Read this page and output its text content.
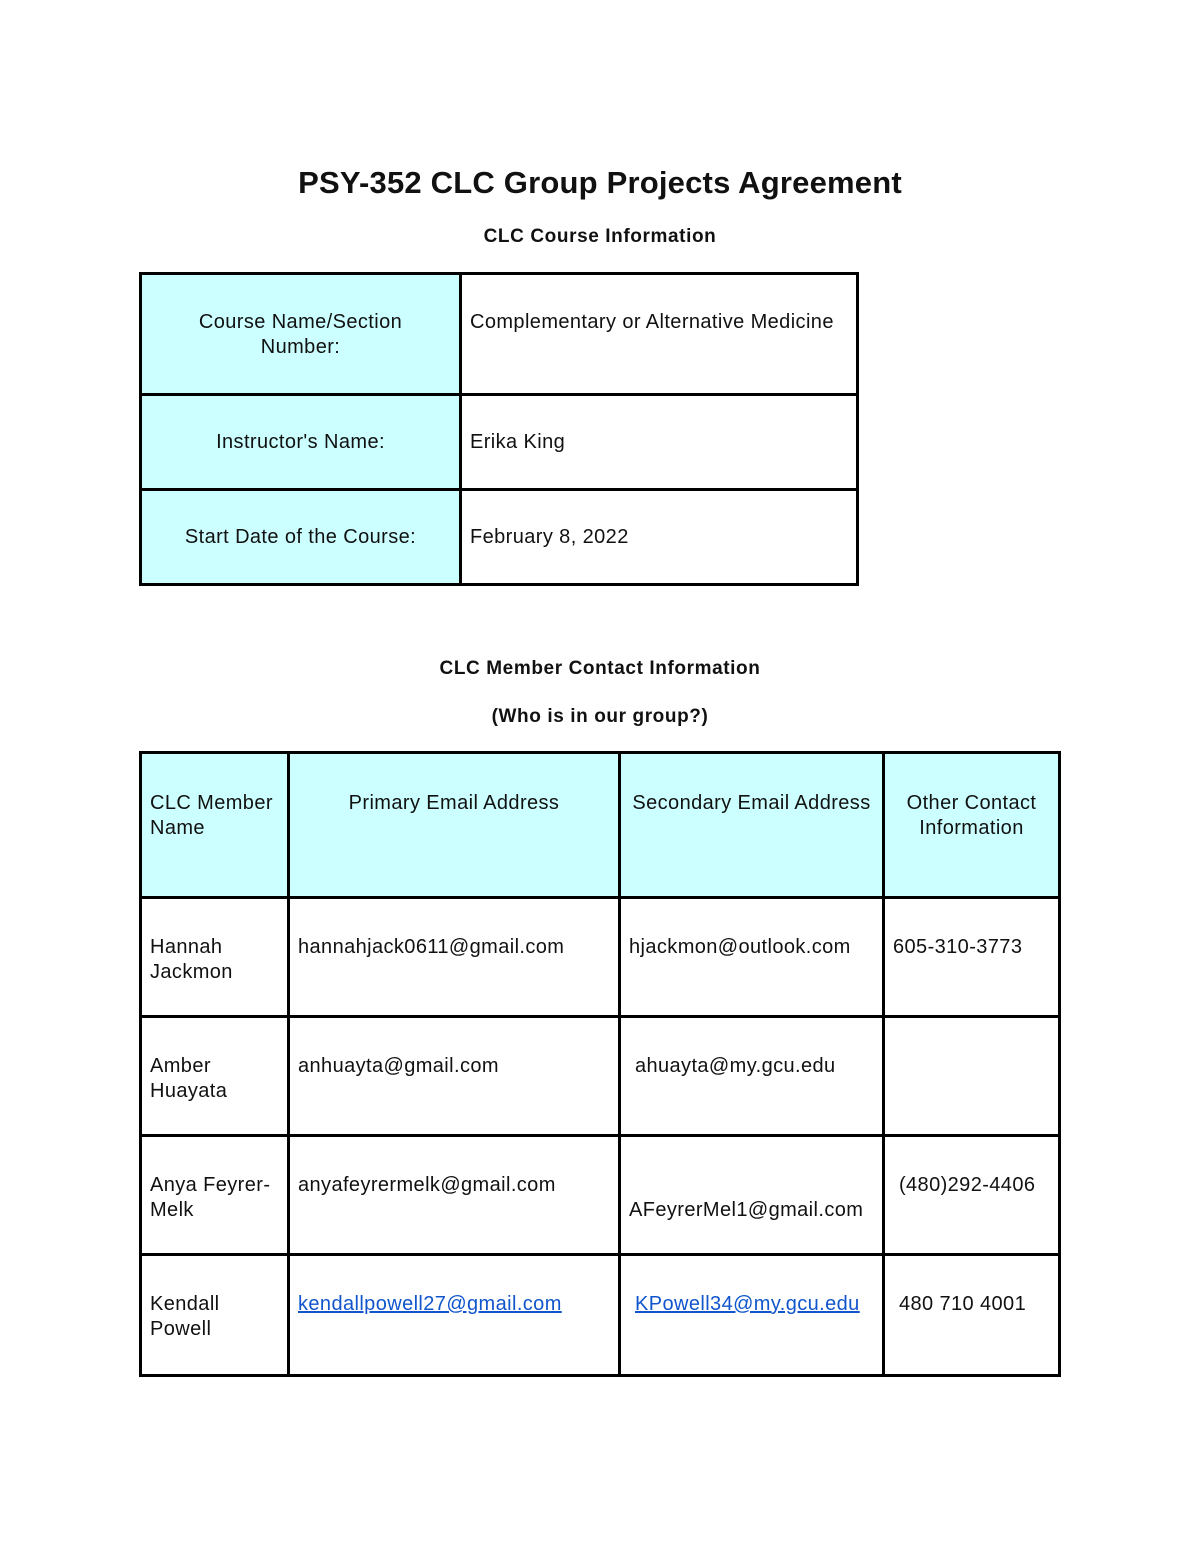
PSY-352 CLC Group Projects Agreement
CLC Course Information
Course Name/Section Number:	Complementary or Alternative Medicine
Instructor's Name:	Erika King
Start Date of the Course:	February 8, 2022
CLC Member Contact Information
(Who is in our group?)
CLC Member Name	Primary Email Address	Secondary Email Address	Other Contact Information
Hannah Jackmon	hannahjack0611@gmail.com	hjackmon@outlook.com	605-310-3773
Amber Huayata	anhuayta@gmail.com	ahuayta@my.gcu.edu	
Anya Feyrer-Melk	anyafeyrermelk@gmail.com	AFeyrerMel1@gmail.com	(480)292-4406
Kendall Powell	kendallpowell27@gmail.com	KPowell34@my.gcu.edu	480 710 4001
